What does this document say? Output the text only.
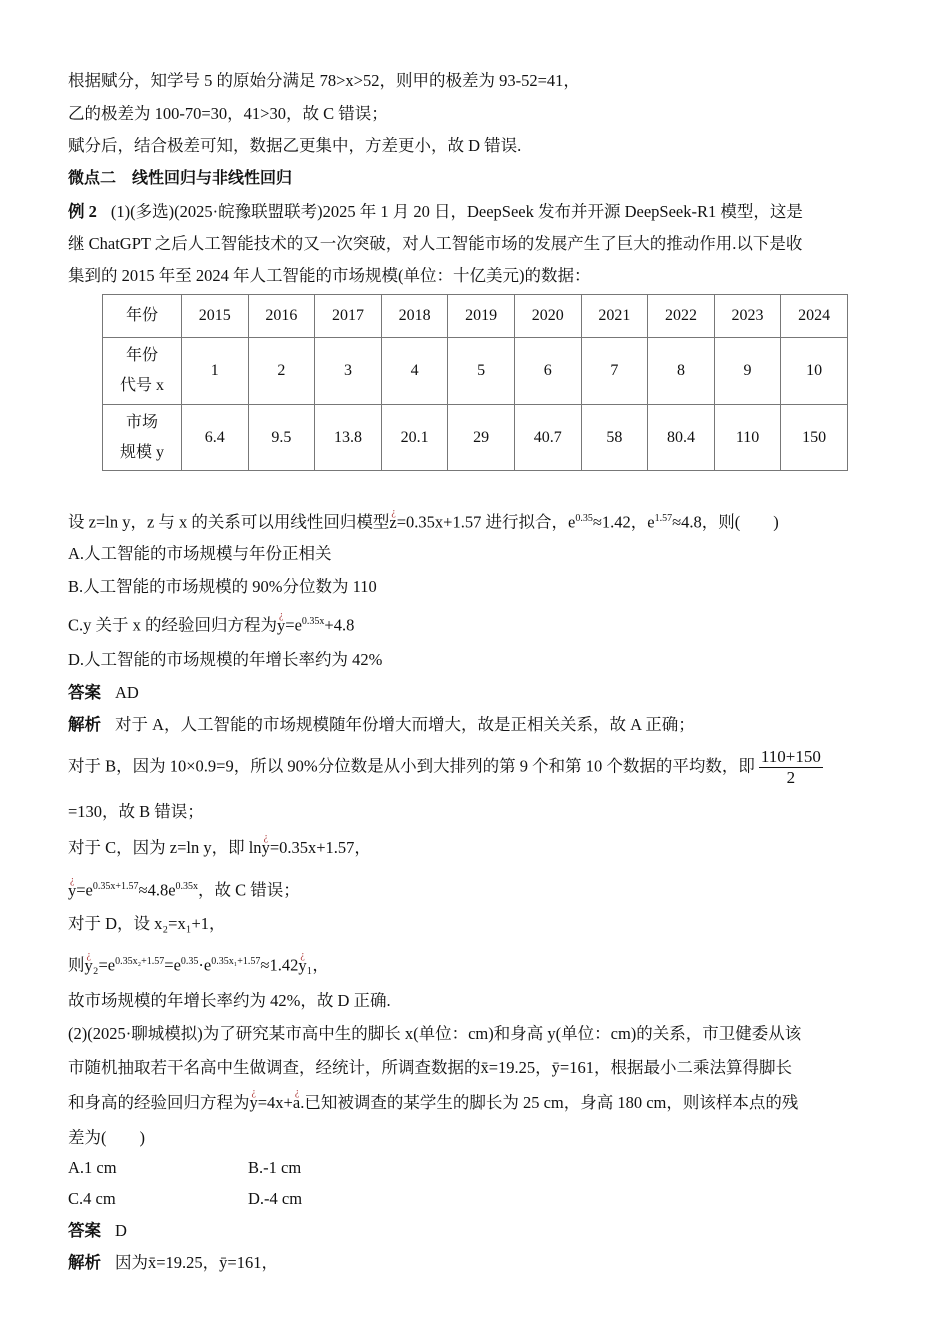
根据赋分，知学号 5 的原始分满足 78>x>52，则甲的极差为 93-52=41，
乙的极差为 100-70=30，41>30，故 C 错误；
赋分后，结合极差可知，数据乙更集中，方差更小，故 D 错误.
微点二　线性回归与非线性回归
例 2 (1)(多选)(2025·皖豫联盟联考)2025 年 1 月 20 日，DeepSeek 发布并开源 DeepSeek-R1 模型，这是
继 ChatGPT 之后人工智能技术的又一次突破，对人工智能市场的发展产生了巨大的推动作用.以下是收
集到的 2015 年至 2024 年人工智能的市场规模(单位：十亿美元)的数据：
年份	2015	2016	2017	2018	2019	2020	2021	2022	2023	2024
年份
代号 x	1	2	3	4	5	6	7	8	9	10
市场
规模 y	6.4	9.5	13.8	20.1	29	40.7	58	80.4	110	150
设 z=ln y，z 与 x 的关系可以用线性回归模型¿ z=0.35x+1.57 进行拟合，$e^{0.35}\approx 1.42$，$e^{1.57}\approx 4.8$，则(　　)
A.人工智能的市场规模与年份正相关
B.人工智能的市场规模的 90%分位数为 110
C.y 关于 x 的经验回归方程为¿ $y=e^{0.35x}+4.8$
D.人工智能的市场规模的年增长率约为 42%
答案 AD
解析 对于 A，人工智能的市场规模随年份增大而增大，故是正相关关系，故 A 正确；
对于 B，因为 10×0.9=9，所以 90%分位数是从小到大排列的第 9 个和第 10 个数据的平均数，即 $\frac{110+150}{2}$
=130，故 B 错误；
对于 C，因为 z=ln y，即 ln¿ y=0.35x+1.57，
¿ $y=e^{0.35x+1.57}\approx 4.8e^{0.35x}$，故 C 错误；
对于 D，设 x₂=x₁+1，
则¿ $y_2=e^{0.35x_2+1.57}=e^{0.35}\cdot e^{0.35x_1+1.57}\approx 1.42¿$ y₁，
故市场规模的年增长率约为 42%，故 D 正确.
(2)(2025·聊城模拟)为了研究某市高中生的脚长 x(单位：cm)和身高 y(单位：cm)的关系，市卫健委从该
市随机抽取若干名高中生做调查，经统计，所调查数据的x̄=19.25，ȳ=161，根据最小二乘法算得脚长
和身高的经验回归方程为¿ y=4x+¿ a.已知被调查的某学生的脚长为 25 cm，身高 180 cm，则该样本点的残
差为(　　)
A.1 cm	B.-1 cm
C.4 cm	D.-4 cm
答案 D
解析 因为x̄=19.25，ȳ=161，
